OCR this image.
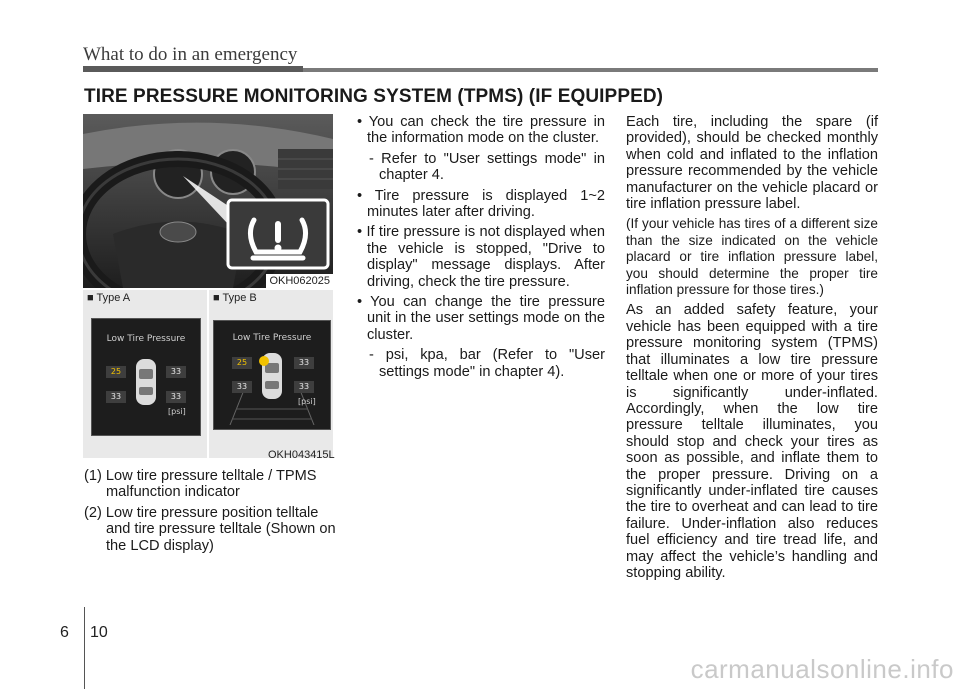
What to do in an emergency
TIRE PRESSURE MONITORING SYSTEM (TPMS) (IF EQUIPPED)
OKH062025
■ Type A
Low Tire Pressure
25	33
33	33
[psi]
■ Type B
Low Tire Pressure
25	33
33	33
[psi]
OKH043415L

(1) Low tire pressure telltale / TPMS malfunction indicator

(2) Low tire pressure position telltale and tire pressure telltale (Shown on the LCD display)

• You can check the tire pressure in the information mode on the cluster.

- Refer to "User settings mode" in chapter 4.

• Tire pressure is displayed 1~2 minutes later after driving.

• If tire pressure is not displayed when the vehicle is stopped, "Drive to display" message displays. After driving, check the tire pressure.

• You can change the tire pressure unit in the user settings mode on the cluster.

- psi, kpa, bar (Refer to "User settings mode" in chapter 4).

Each tire, including the spare (if provided), should be checked monthly when cold and inflated to the inflation pressure recommended by the vehicle manufacturer on the vehicle placard or tire inflation pressure label.

(If your vehicle has tires of a different size than the size indicated on the vehicle placard or tire inflation pressure label, you should determine the proper tire inflation pressure for those tires.)

As an added safety feature, your vehicle has been equipped with a tire pressure monitoring system (TPMS) that illuminates a low tire pressure telltale when one or more of your tires is significantly under-inflated. Accordingly, when the low tire pressure telltale illuminates, you should stop and check your tires as soon as possible, and inflate them to the proper pressure. Driving on a significantly under-inflated tire causes the tire to overheat and can lead to tire failure. Under-inflation also reduces fuel efficiency and tire tread life, and may affect the vehicle’s handling and stopping ability.

6 10
carmanualsonline.info
